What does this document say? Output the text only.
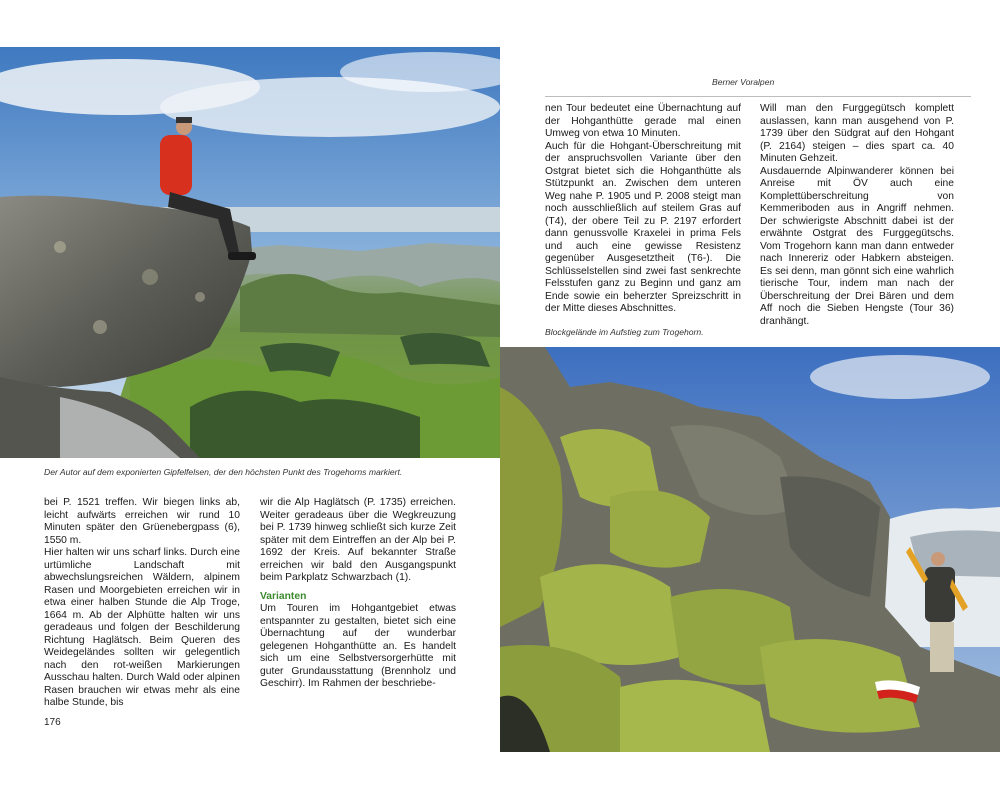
Der Autor auf dem exponierten Gipfelfelsen, der den höchsten Punkt des Trogehorns markiert.
Berner Voralpen

nen Tour bedeutet eine Übernachtung auf der Hohganthütte gerade mal einen Umweg von etwa 10 Minuten.

Auch für die Hohgant-Überschreitung mit der anspruchsvollen Variante über den Ostgrat bietet sich die Hohganthütte als Stützpunkt an. Zwischen dem unteren Weg nahe P. 1905 und P. 2008 steigt man noch ausschließlich auf steilem Gras auf (T4), der obere Teil zu P. 2197 erfordert dann genussvolle Kraxelei in prima Fels und auch eine gewisse Resistenz gegenüber Ausgesetztheit (T6-). Die Schlüsselstellen sind zwei fast senkrechte Felsstufen ganz zu Beginn und ganz am Ende sowie ein beherzter Spreizschritt in der Mitte dieses Abschnittes.

Will man den Furggegütsch komplett auslassen, kann man ausgehend von P. 1739 über den Südgrat auf den Hohgant (P. 2164) steigen – dies spart ca. 40 Minuten Gehzeit.

Ausdauernde Alpinwanderer können bei Anreise mit ÖV auch eine Komplettüberschreitung von Kemmeriboden aus in Angriff nehmen. Der schwierigste Abschnitt dabei ist der erwähnte Ostgrat des Furggegütschs. Vom Trogehorn kann man dann entweder nach Innereriz oder Habkern absteigen. Es sei denn, man gönnt sich eine wahrlich tierische Tour, indem man nach der Überschreitung der Drei Bären und dem Aff noch die Sieben Hengste (Tour 36) dranhängt.

Blockgelände im Aufstieg zum Trogehorn.

bei P. 1521 treffen. Wir biegen links ab, leicht aufwärts erreichen wir rund 10 Minuten später den Grüenebergpass (6), 1550 m.

Hier halten wir uns scharf links. Durch eine urtümliche Landschaft mit abwechslungsreichen Wäldern, alpinem Rasen und Moorgebieten erreichen wir in etwa einer halben Stunde die Alp Troge, 1664 m. Ab der Alphütte halten wir uns geradeaus und folgen der Beschilderung Richtung Haglätsch. Beim Queren des Weidegeländes sollten wir gelegentlich nach den rot-weißen Markierungen Ausschau halten. Durch Wald oder alpinen Rasen brauchen wir etwas mehr als eine halbe Stunde, bis

wir die Alp Haglätsch (P. 1735) erreichen. Weiter geradeaus über die Wegkreuzung bei P. 1739 hinweg schließt sich kurze Zeit später mit dem Eintreffen an der Alp bei P. 1692 der Kreis. Auf bekannter Straße erreichen wir bald den Ausgangspunkt beim Parkplatz Schwarzbach (1).

Varianten

Um Touren im Hohgantgebiet etwas entspannter zu gestalten, bietet sich eine Übernachtung auf der wunderbar gelegenen Hohganthütte an. Es handelt sich um eine Selbstversorgerhütte mit guter Grundausstattung (Brennholz und Geschirr). Im Rahmen der beschriebe-

176
